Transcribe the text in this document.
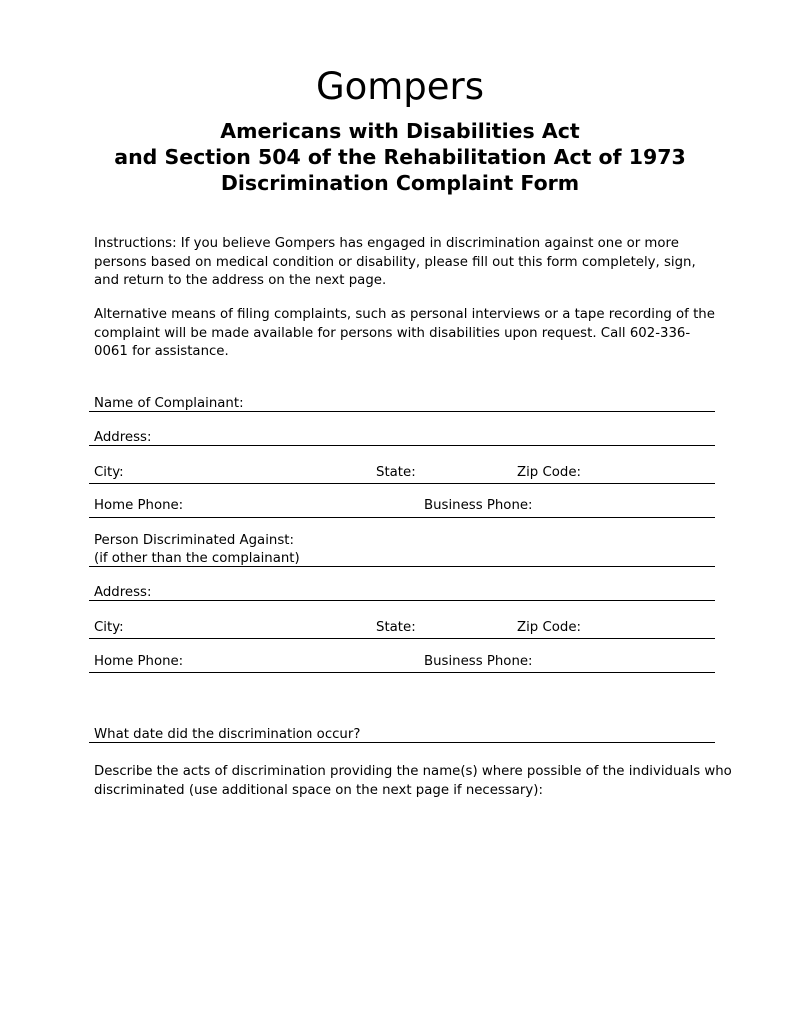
Gompers
Americans with Disabilities Act
and Section 504 of the Rehabilitation Act of 1973
Discrimination Complaint Form
Instructions: If you believe Gompers has engaged in discrimination against one or more persons based on medical condition or disability, please fill out this form completely, sign, and return to the address on the next page.
Alternative means of filing complaints, such as personal interviews or a tape recording of the complaint will be made available for persons with disabilities upon request. Call 602-336-0061 for assistance.
Name of Complainant:
Address:
City:	State:	Zip Code:
Home Phone:	Business Phone:
Person Discriminated Against:
(if other than the complainant)
Address:
City:	State:	Zip Code:
Home Phone:	Business Phone:
What date did the discrimination occur?
Describe the acts of discrimination providing the name(s) where possible of the individuals who discriminated (use additional space on the next page if necessary):
